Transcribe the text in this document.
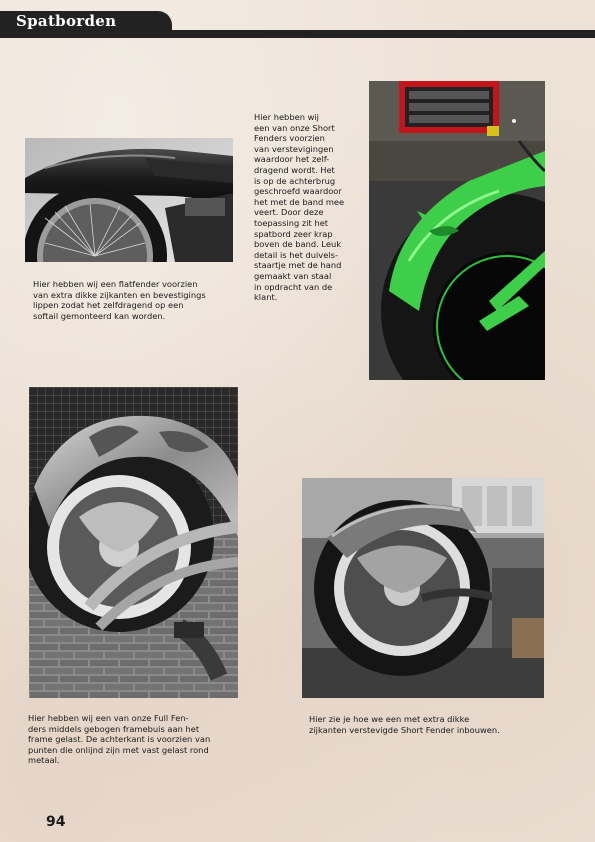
Spatborden
Hier hebben wij een flatfender voorzien
van extra dikke zijkanten en bevestigings
lippen zodat het zelfdragend op een
softail gemonteerd kan worden.
Hier hebben wij
een van onze Short
Fenders voorzien
van verstevigingen
waardoor het zelf-
dragend wordt. Het
is op de achterbrug
geschroefd waardoor
het met de band mee
veert. Door deze
toepassing zit het
spatbord zeer krap
boven de band. Leuk
detail is het duivels-
staartje met de hand
gemaakt van staal
in opdracht van de
klant.
Hier hebben wij een van onze Full Fen-
ders middels gebogen framebuis aan het
frame gelast. De achterkant is voorzien van
punten die onlijnd zijn met vast gelast rond
metaal.
Hier zie je hoe we een met extra dikke
zijkanten verstevigde Short Fender inbouwen.
94
